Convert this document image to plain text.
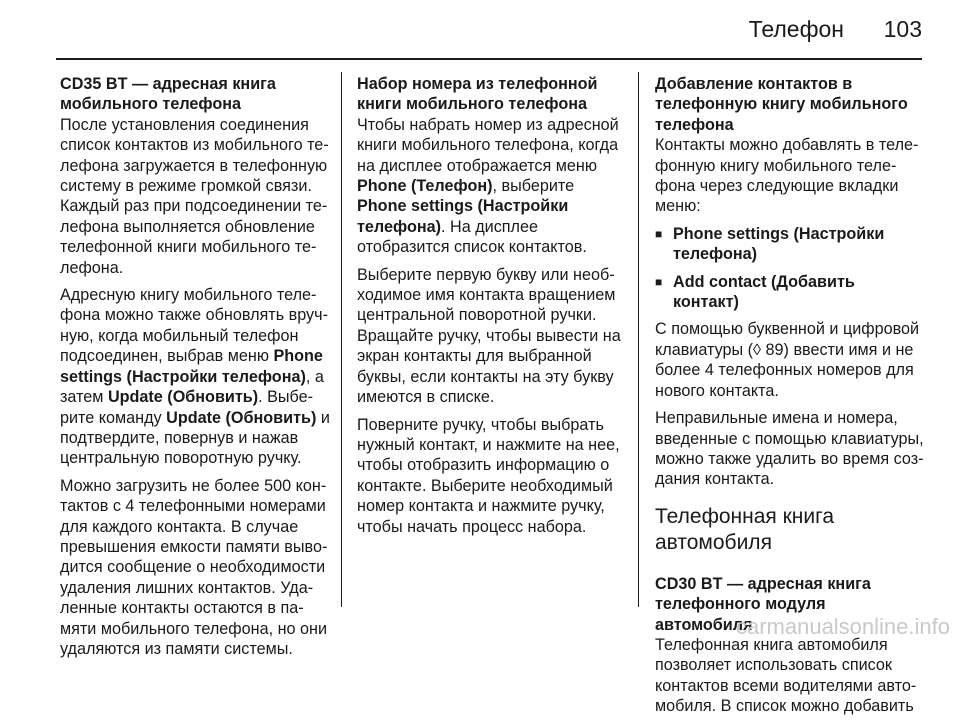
Телефон 103
CD35 BT — адресная книга мобильного телефона

После установления соединения список контактов из мобильного телефона загружается в телефонную систему в режиме громкой связи. Каждый раз при подсоединении телефона выполняется обновление телефонной книги мобильного телефона.

Адресную книгу мобильного телефона можно также обновлять вручную, когда мобильный телефон подсоединен, выбрав меню Phone settings (Настройки телефона), а затем Update (Обновить). Выберите команду Update (Обновить) и подтвердите, повернув и нажав центральную поворотную ручку.

Можно загрузить не более 500 контактов с 4 телефонными номерами для каждого контакта. В случае превышения емкости памяти выводится сообщение о необходимости удаления лишних контактов. Удаленные контакты остаются в памяти мобильного телефона, но они удаляются из памяти системы.

Набор номера из телефонной книги мобильного телефона

Чтобы набрать номер из адресной книги мобильного телефона, когда на дисплее отображается меню Phone (Телефон), выберите Phone settings (Настройки телефона). На дисплее отобразится список контактов.

Выберите первую букву или необходимое имя контакта вращением центральной поворотной ручки. Вращайте ручку, чтобы вывести на экран контакты для выбранной буквы, если контакты на эту букву имеются в списке.

Поверните ручку, чтобы выбрать нужный контакт, и нажмите на нее, чтобы отобразить информацию о контакте. Выберите необходимый номер контакта и нажмите ручку, чтобы начать процесс набора.

Добавление контактов в телефонную книгу мобильного телефона

Контакты можно добавлять в телефонную книгу мобильного телефона через следующие вкладки меню:

■ Phone settings (Настройки телефона)
■ Add contact (Добавить контакт)

С помощью буквенной и цифровой клавиатуры (◊ 89) ввести имя и не более 4 телефонных номеров для нового контакта.

Неправильные имена и номера, введенные с помощью клавиатуры, можно также удалить во время создания контакта.

Телефонная книга автомобиля
CD30 BT — адресная книга телефонного модуля автомобиля

Телефонная книга автомобиля позволяет использовать список контактов всеми водителями автомобиля. В список можно добавить

carmanualsonline.info
